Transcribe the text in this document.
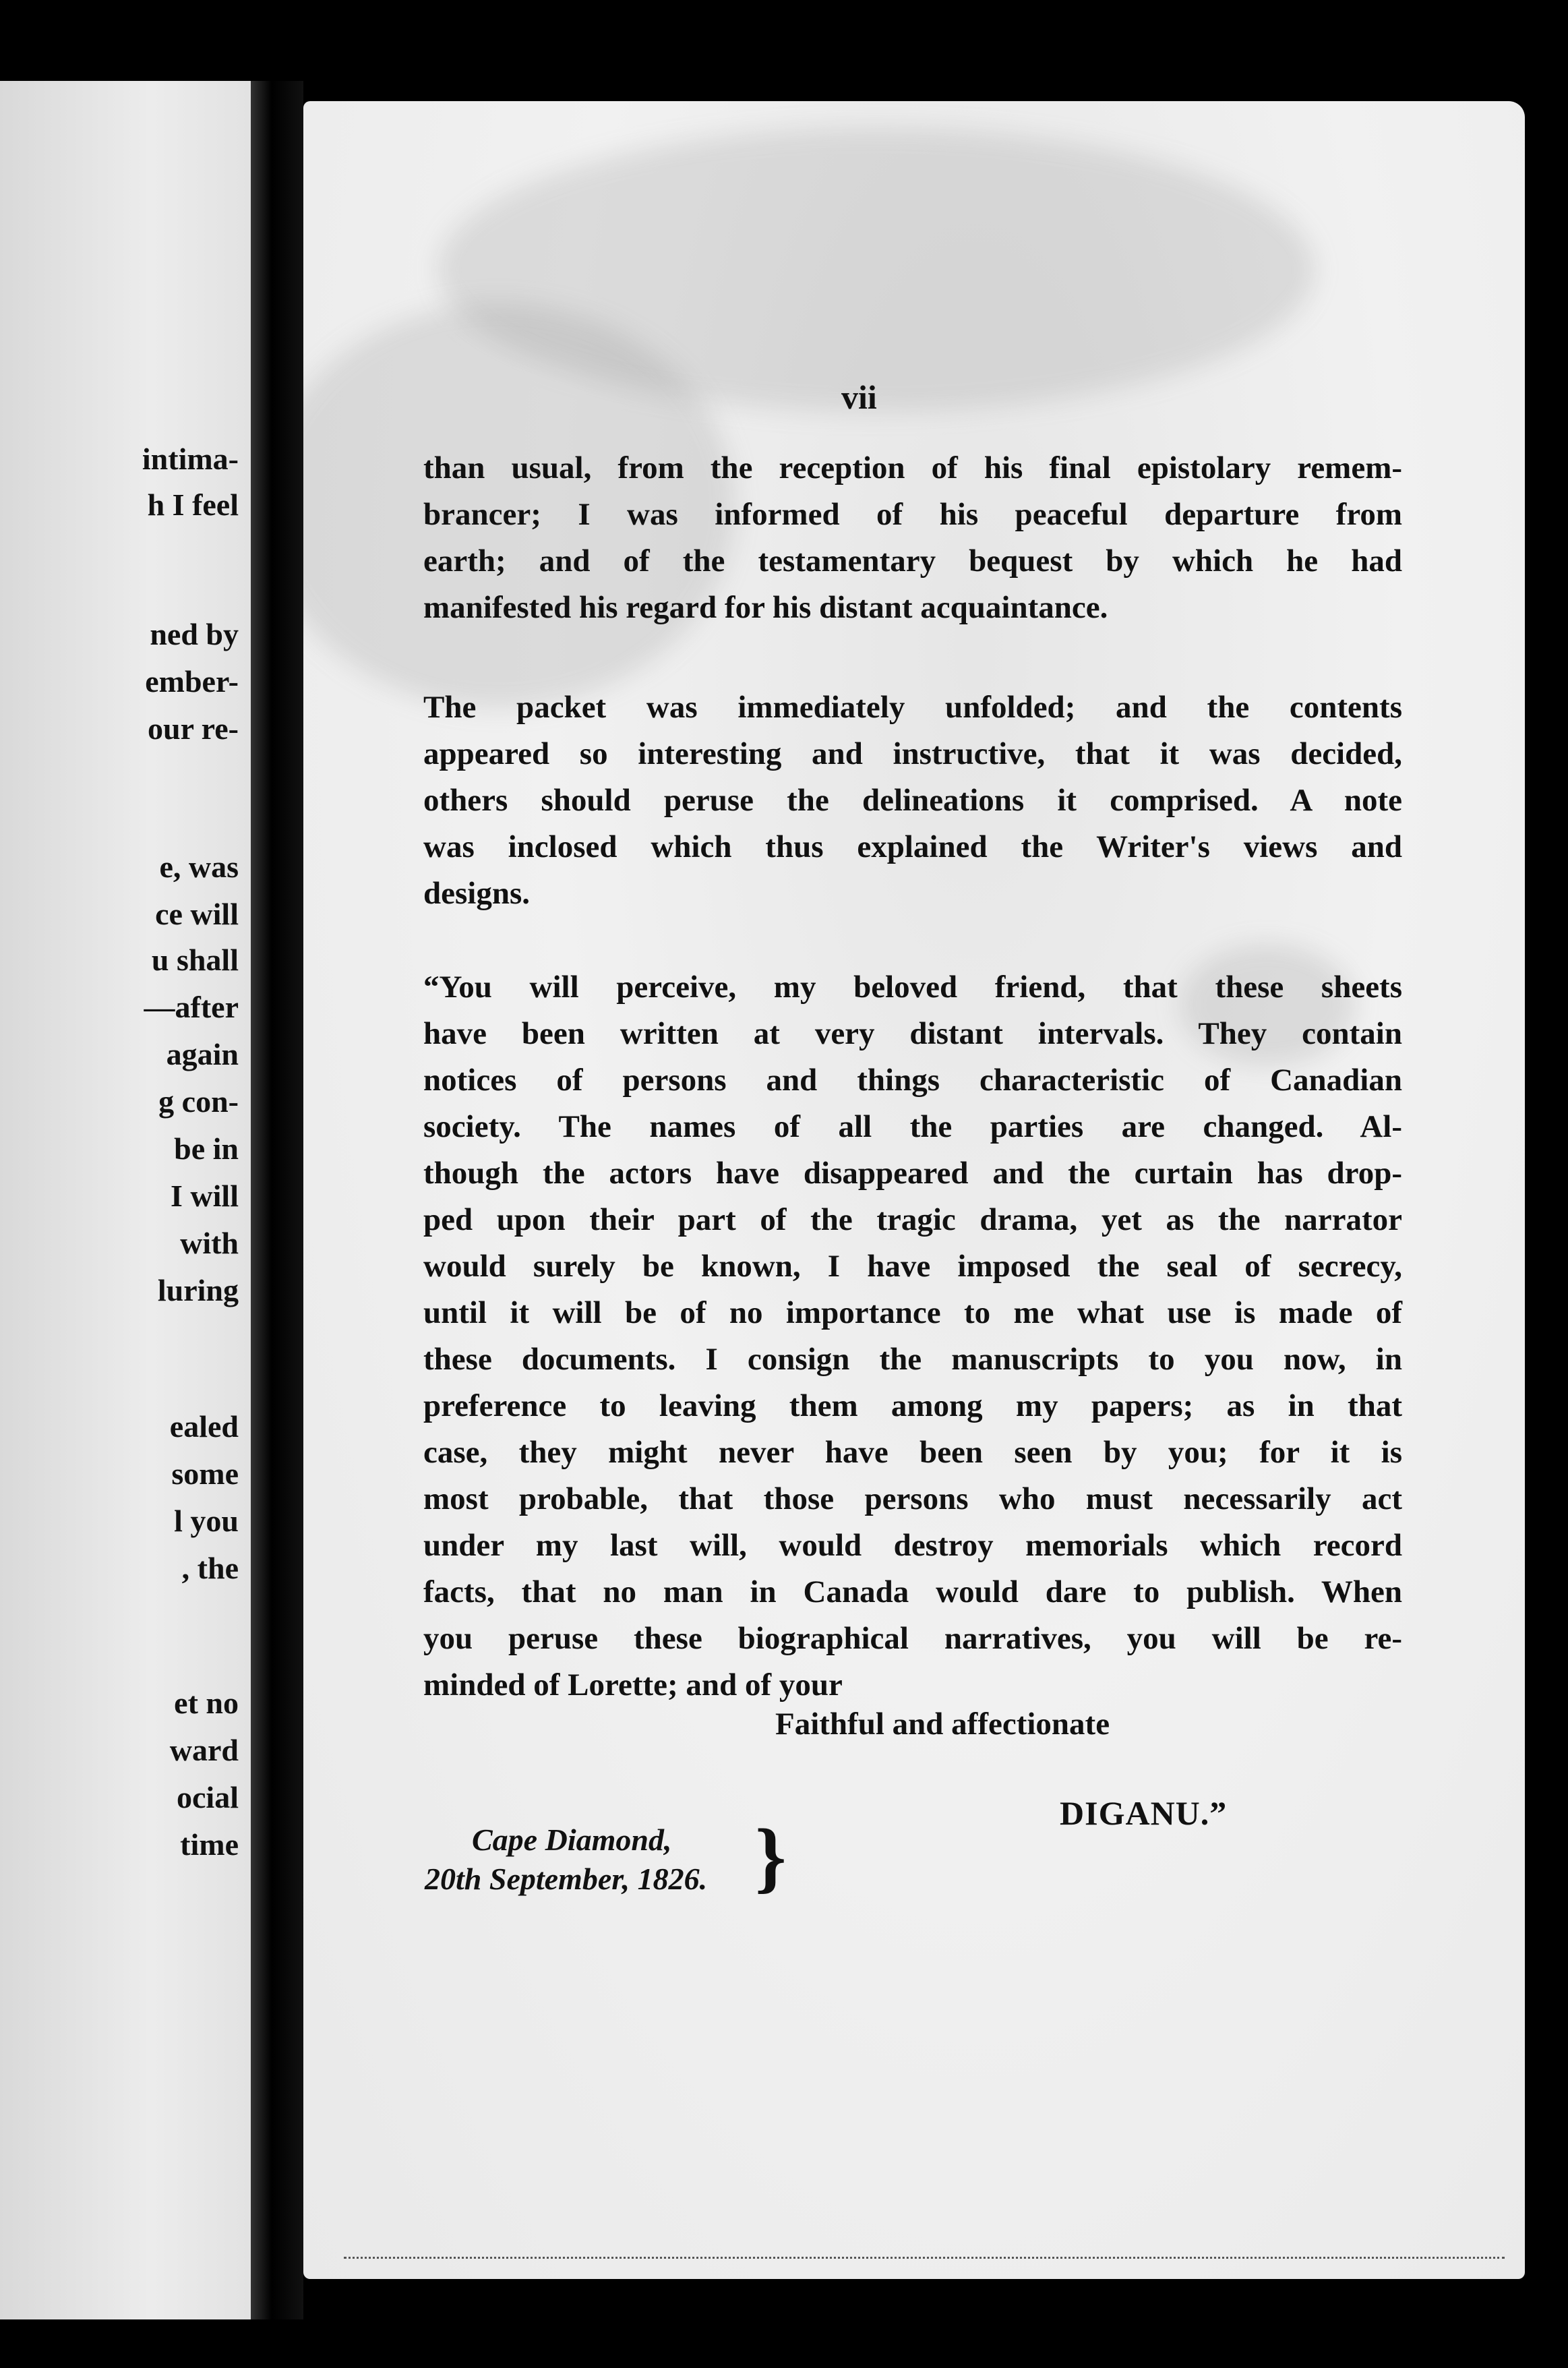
intima-
h I feel
ned by
ember-
our re-
e, was
ce will
u shall
—after
again
g con-
be in
I will
with
luring
ealed
some
l you
, the
et no
ward
ocial
time
vii
than usual, from the reception of his final epistolary remem-
brancer; I was informed of his peaceful departure from
earth; and of the testamentary bequest by which he had
manifested his regard for his distant acquaintance.
The packet was immediately unfolded; and the contents
appeared so interesting and instructive, that it was decided,
others should peruse the delineations it comprised. A note
was inclosed which thus explained the Writer's views and
designs.
“You will perceive, my beloved friend, that these sheets
have been written at very distant intervals. They contain
notices of persons and things characteristic of Canadian
society. The names of all the parties are changed. Al-
though the actors have disappeared and the curtain has drop-
ped upon their part of the tragic drama, yet as the narrator
would surely be known, I have imposed the seal of secrecy,
until it will be of no importance to me what use is made of
these documents. I consign the manuscripts to you now, in
preference to leaving them among my papers; as in that
case, they might never have been seen by you; for it is
most probable, that those persons who must necessarily act
under my last will, would destroy memorials which record
facts, that no man in Canada would dare to publish. When
you peruse these biographical narratives, you will be re-
minded of Lorette; and of your
Faithful and affectionate
DIGANU.”
Cape Diamond,
20th September, 1826. }
